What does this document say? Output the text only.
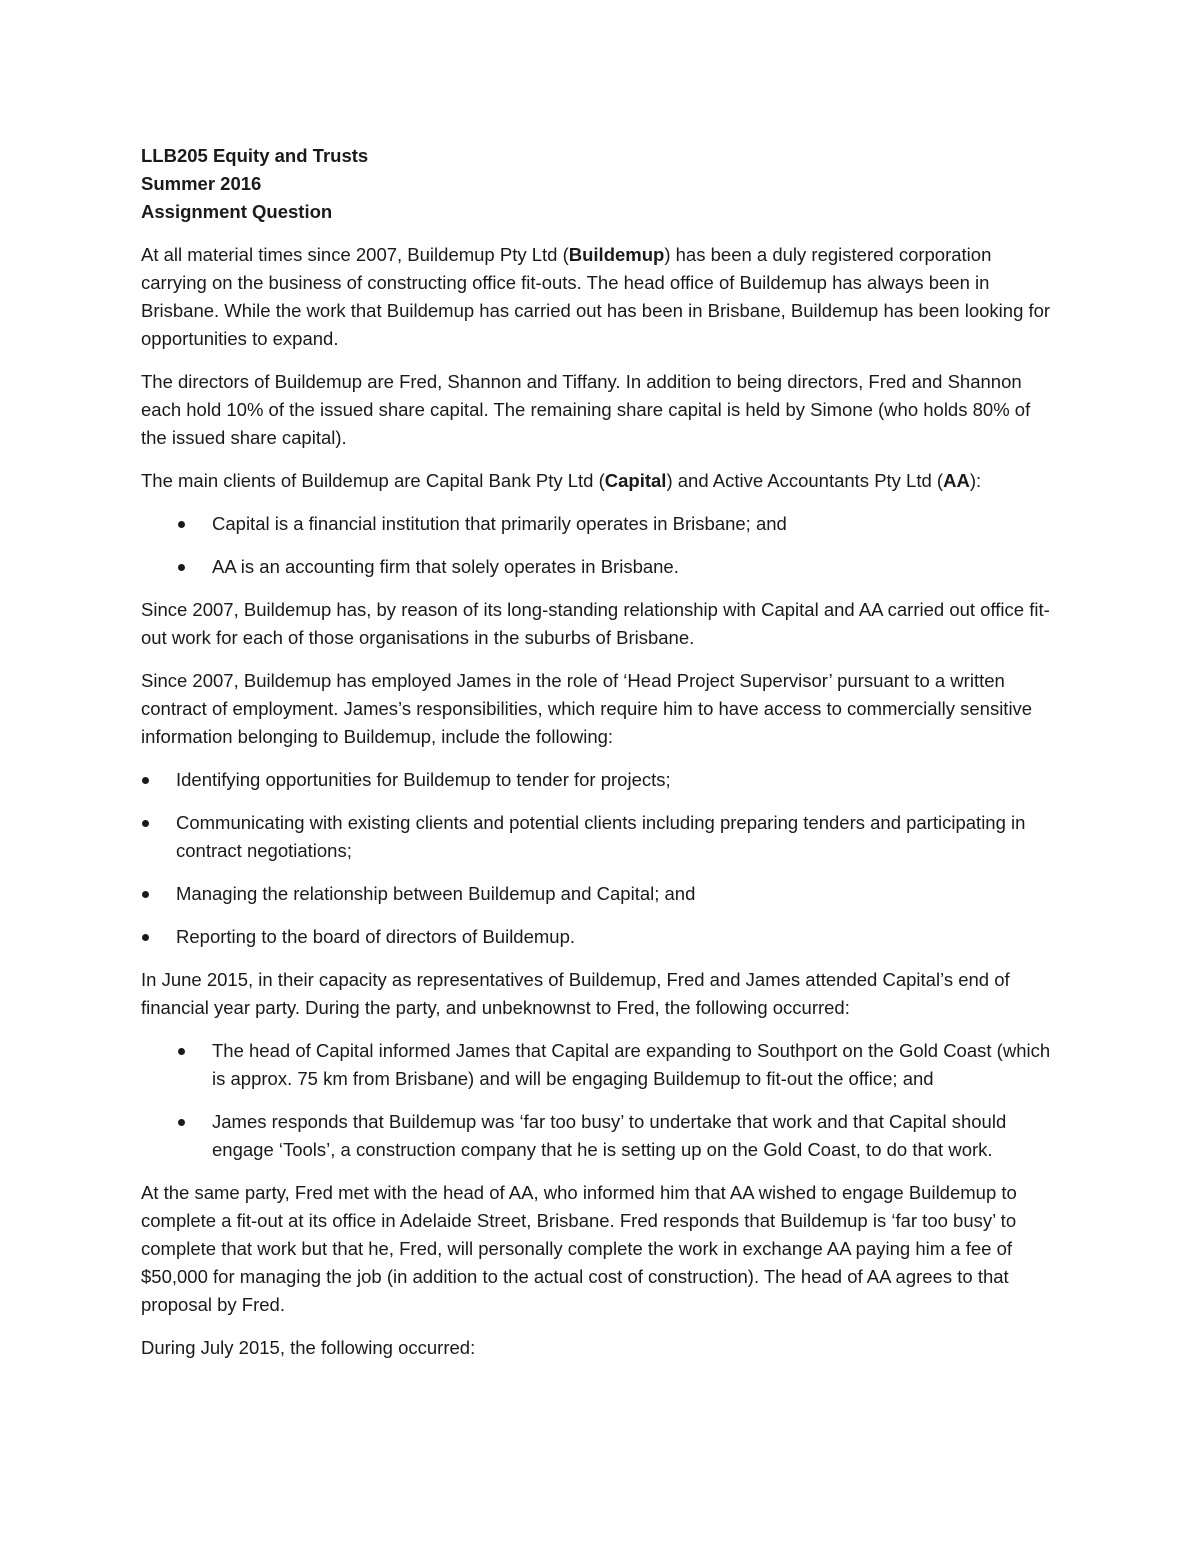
LLB205 Equity and Trusts

Summer 2016

Assignment Question

At all material times since 2007, Buildemup Pty Ltd (Buildemup) has been a duly registered corporation carrying on the business of constructing office fit-outs. The head office of Buildemup has always been in Brisbane. While the work that Buildemup has carried out has been in Brisbane, Buildemup has been looking for opportunities to expand.

The directors of Buildemup are Fred, Shannon and Tiffany. In addition to being directors, Fred and Shannon each hold 10% of the issued share capital. The remaining share capital is held by Simone (who holds 80% of the issued share capital).

The main clients of Buildemup are Capital Bank Pty Ltd (Capital) and Active Accountants Pty Ltd (AA):

Capital is a financial institution that primarily operates in Brisbane; and
AA is an accounting firm that solely operates in Brisbane.

Since 2007, Buildemup has, by reason of its long-standing relationship with Capital and AA carried out office fit-out work for each of those organisations in the suburbs of Brisbane.

Since 2007, Buildemup has employed James in the role of ‘Head Project Supervisor’ pursuant to a written contract of employment. James’s responsibilities, which require him to have access to commercially sensitive information belonging to Buildemup, include the following:

Identifying opportunities for Buildemup to tender for projects;
Communicating with existing clients and potential clients including preparing tenders and participating in contract negotiations;
Managing the relationship between Buildemup and Capital; and
Reporting to the board of directors of Buildemup.

In June 2015, in their capacity as representatives of Buildemup, Fred and James attended Capital’s end of financial year party. During the party, and unbeknownst to Fred, the following occurred:

The head of Capital informed James that Capital are expanding to Southport on the Gold Coast (which is approx. 75 km from Brisbane) and will be engaging Buildemup to fit-out the office; and
James responds that Buildemup was ‘far too busy’ to undertake that work and that Capital should engage ‘Tools’, a construction company that he is setting up on the Gold Coast, to do that work.

At the same party, Fred met with the head of AA, who informed him that AA wished to engage Buildemup to complete a fit-out at its office in Adelaide Street, Brisbane. Fred responds that Buildemup is ‘far too busy’ to complete that work but that he, Fred, will personally complete the work in exchange AA paying him a fee of $50,000 for managing the job (in addition to the actual cost of construction). The head of AA agrees to that proposal by Fred.

During July 2015, the following occurred:
